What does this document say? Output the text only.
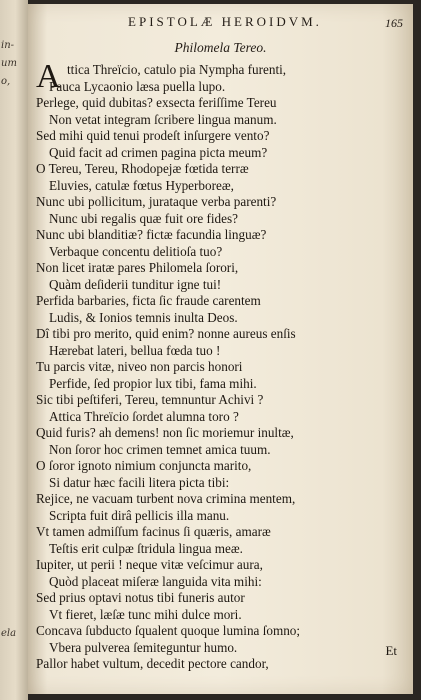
in-
um
o,
ela
EPISTOLÆ HEROIDVM.	165
Philomela Tereo.
A ttica Threïcio, catulo pia Nympha furenti,
Pauca Lycaonio læsa puella lupo.
Perlege, quid dubitas? exsecta feriſſime Tereu
Non vetat integram ſcribere lingua manum.
Sed mihi quid tenui prodeſt inſurgere vento?
Quid facit ad crimen pagina picta meum?
O Tereu, Tereu, Rhodopejæ fœtida terræ
Eluvies, catulæ fœtus Hyperboreæ,
Nunc ubi pollicitum, jurataque verba parenti?
Nunc ubi regalis quæ fuit ore fides?
Nunc ubi blanditiæ? fictæ facundia linguæ?
Verbaque concentu delitioſa tuo?
Non licet iratæ pares Philomela ſorori,
Quàm deſiderii tunditur igne tui!
Perfida barbaries, ficta ſic fraude carentem
Ludis, & Ionios temnis inulta Deos.
Dî tibi pro merito, quid enim? nonne aureus enſis
Hærebat lateri, bellua fœda tuo !
Tu parcis vitæ, niveo non parcis honori
Perfide, ſed propior lux tibi, fama mihi.
Sic tibi peſtiferi, Tereu, temnuntur Achivi ?
Attica Threïcio ſordet alumna toro ?
Quid furis? ah demens! non ſic moriemur inultæ,
Non ſoror hoc crimen temnet amica tuum.
O ſoror ignoto nimium conjuncta marito,
Si datur hæc facili litera picta tibi:
Rejice, ne vacuam turbent nova crimina mentem,
Scripta fuit dirâ pellicis illa manu.
Vt tamen admiſſum facinus ſi quæris, amaræ
Teſtis erit culpæ ſtridula lingua meæ.
Iupiter, ut perii ! neque vitæ veſcimur aura,
Quòd placeat miſeræ languida vita mihi:
Sed prius optavi notus tibi funeris autor
Vt fieret, læſæ tunc mihi dulce mori.
Concava ſubducto ſqualent quoque lumina ſomno;
Vbera pulverea ſemiteguntur humo.
Pallor habet vultum, decedit pectore candor,
Et
